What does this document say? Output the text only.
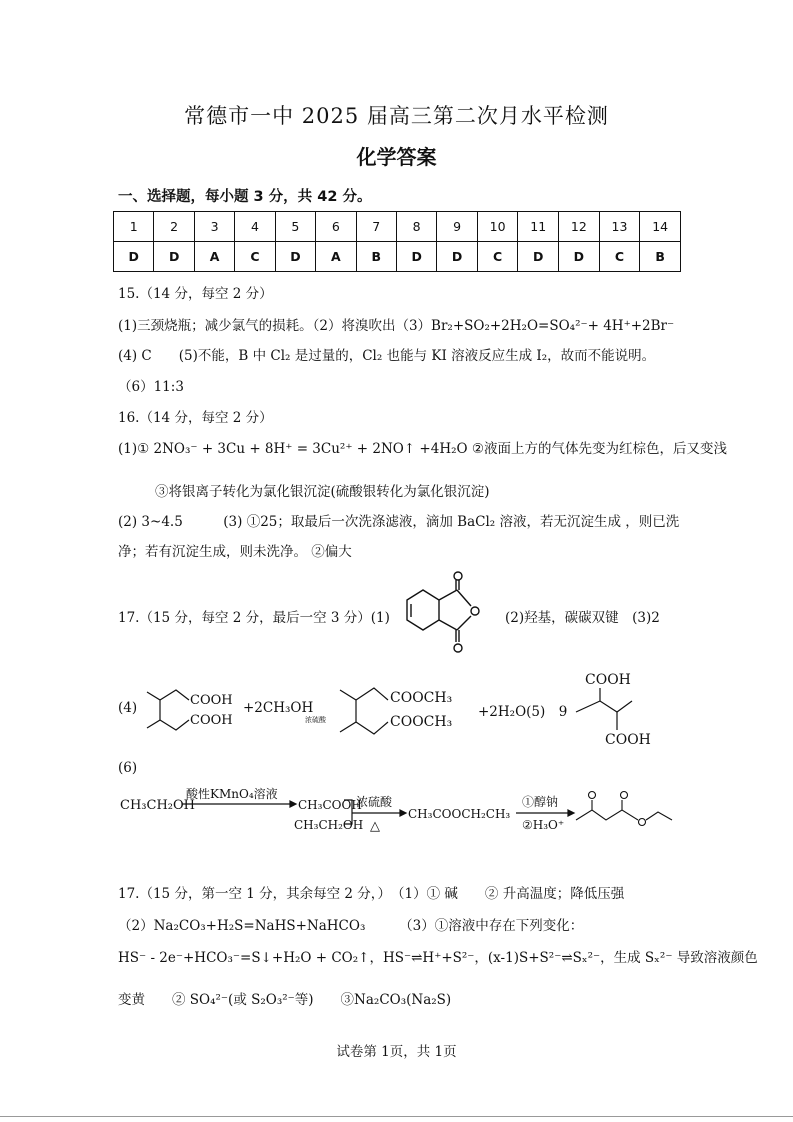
常德市一中 2025 届高三第二次月水平检测
化学答案
一、选择题，每小题 3 分，共 42 分。
1	2	3	4	5	6	7	8	9	10	11	12	13	14
D	D	A	C	D	A	B	D	D	C	D	D	C	B
15.（14 分，每空 2 分）
(1)三颈烧瓶；减少氯气的损耗。（2）将溴吹出（3）Br₂+SO₂+2H₂O=SO₄²⁻+ 4H⁺+2Br⁻
(4) C　　(5)不能，B 中 Cl₂ 是过量的，Cl₂ 也能与 KI 溶液反应生成 I₂，故而不能说明。
（6）11:3
16.（14 分，每空 2 分）
(1)① 2NO₃⁻ + 3Cu + 8H⁺ = 3Cu²⁺ + 2NO↑ +4H₂O ②液面上方的气体先变为红棕色，后又变浅
③将银离子转化为氯化银沉淀(硫酸银转化为氯化银沉淀)
(2) 3~4.5　　　(3) ①25；取最后一次洗涤滤液，滴加 BaCl₂ 溶液，若无沉淀生成 ，则已洗
净；若有沉淀生成，则未洗净。 ②偏大
17.（15 分，每空 2 分，最后一空 3 分）(1)	(2)羟基，碳碳双键　(3)2
(4)	COOH
COOH
+2CH₃OH
浓硫酸
COOCH₃
COOCH₃
+2H₂O(5)　9
COOH
COOH
(6)
CH₃CH₂OH
酸性KMnO₄溶液
CH₃COOH
CH₃CH₂OH
浓硫酸
△
CH₃COOCH₂CH₃
①醇钠
②H₃O⁺
17.（15 分，第一空 1 分，其余每空 2 分，）　（1）① 碱　　② 升高温度；降低压强
（2）Na₂CO₃+H₂S=NaHS+NaHCO₃　　　（3）①溶液中存在下列变化：
HS⁻ - 2e⁻+HCO₃⁻=S↓+H₂O + CO₂↑，HS⁻⇌H⁺+S²⁻，(x-1)S+S²⁻⇌Sₓ²⁻，生成 Sₓ²⁻ 导致溶液颜色
变黄　　② SO₄²⁻(或 S₂O₃²⁻等)　　③Na₂CO₃(Na₂S)
试卷第 1页，共 1页
